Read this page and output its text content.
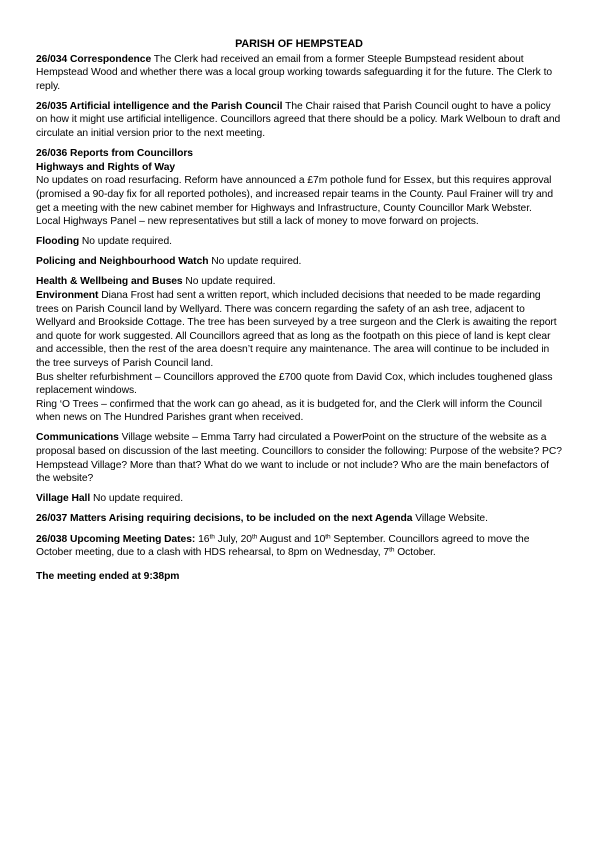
PARISH OF HEMPSTEAD

26/034 Correspondence The Clerk had received an email from a former Steeple Bumpstead resident about Hempstead Wood and whether there was a local group working towards safeguarding it for the future. The Clerk to reply.

26/035 Artificial intelligence and the Parish Council The Chair raised that Parish Council ought to have a policy on how it might use artificial intelligence. Councillors agreed that there should be a policy. Mark Welboun to draft and circulate an initial version prior to the next meeting.

26/036 Reports from Councillors
Highways and Rights of Way
No updates on road resurfacing. Reform have announced a £7m pothole fund for Essex, but this requires approval (promised a 90-day fix for all reported potholes), and increased repair teams in the County. Paul Frainer will try and get a meeting with the new cabinet member for Highways and Infrastructure, County Councillor Mark Webster.

Local Highways Panel – new representatives but still a lack of money to move forward on projects.

Flooding No update required.

Policing and Neighbourhood Watch No update required.

Health & Wellbeing and Buses No update required.
Environment Diana Frost had sent a written report, which included decisions that needed to be made regarding trees on Parish Council land by Wellyard. There was concern regarding the safety of an ash tree, adjacent to Wellyard and Brookside Cottage. The tree has been surveyed by a tree surgeon and the Clerk is awaiting the report and quote for work suggested. All Councillors agreed that as long as the footpath on this piece of land is kept clear and accessible, then the rest of the area doesn’t require any maintenance. The area will continue to be included in the tree surveys of Parish Council land.
Bus shelter refurbishment – Councillors approved the £700 quote from David Cox, which includes toughened glass replacement windows.

Ring ‘O Trees – confirmed that the work can go ahead, as it is budgeted for, and the Clerk will inform the Council when news on The Hundred Parishes grant when received.

Communications Village website – Emma Tarry had circulated a PowerPoint on the structure of the website as a proposal based on discussion of the last meeting. Councillors to consider the following: Purpose of the website? PC? Hempstead Village? More than that? What do we want to include or not include? Who are the main benefactors of the website?

Village Hall No update required.

26/037 Matters Arising requiring decisions, to be included on the next Agenda Village Website.

26/038 Upcoming Meeting Dates: 16th July, 20th August and 10th September. Councillors agreed to move the October meeting, due to a clash with HDS rehearsal, to 8pm on Wednesday, 7th October.

The meeting ended at 9:38pm
